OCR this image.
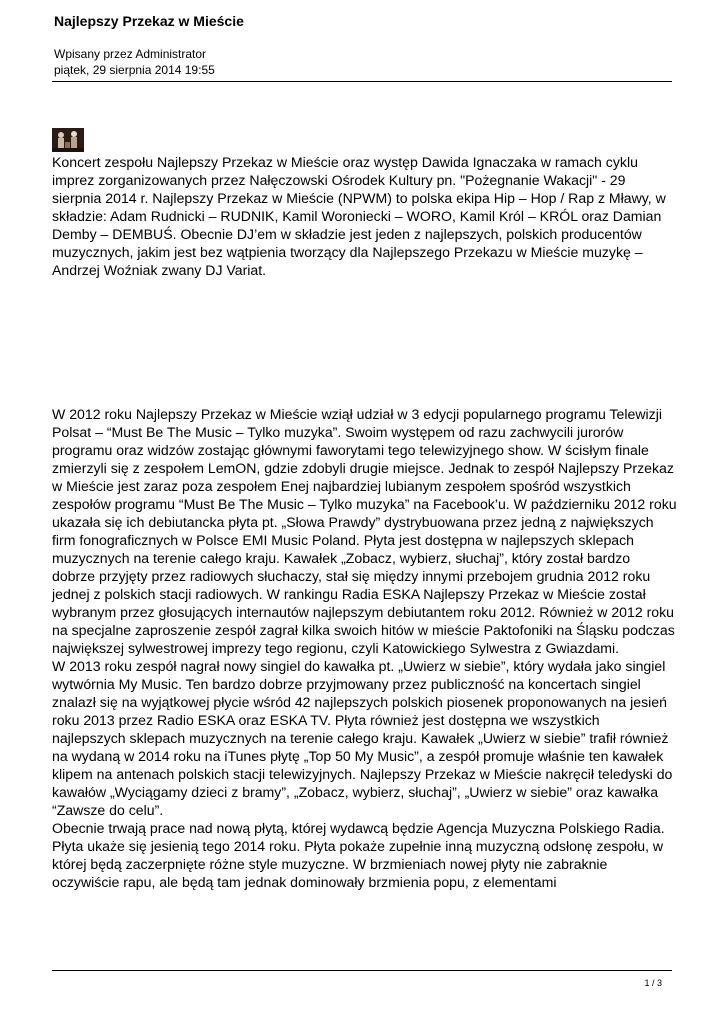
Najlepszy Przekaz w Mieście
Wpisany przez Administrator
piątek, 29 sierpnia 2014 19:55

Koncert zespołu Najlepszy Przekaz w Mieście oraz występ Dawida Ignaczaka w ramach cyklu imprez zorganizowanych przez Nałęczowski Ośrodek Kultury pn. "Pożegnanie Wakacji" - 29 sierpnia 2014 r. Najlepszy Przekaz w Mieście (NPWM) to polska ekipa Hip – Hop / Rap z Mławy, w składzie: Adam Rudnicki – RUDNIK, Kamil Woroniecki – WORO, Kamil Król – KRÓL oraz Damian Demby – DEMBUŚ. Obecnie DJ’em w składzie jest jeden z najlepszych, polskich producentów muzycznych, jakim jest bez wątpienia tworzący dla Najlepszego Przekazu w Mieście muzykę – Andrzej Woźniak zwany DJ Variat.

W 2012 roku Najlepszy Przekaz w Mieście wziął udział w 3 edycji popularnego programu Telewizji Polsat – “Must Be The Music – Tylko muzyka”. Swoim występem od razu zachwycili jurorów programu oraz widzów zostając głównymi faworytami tego telewizyjnego show. W ścisłym finale zmierzyli się z zespołem LemON, gdzie zdobyli drugie miejsce. Jednak to zespół Najlepszy Przekaz w Mieście jest zaraz poza zespołem Enej najbardziej lubianym zespołem spośród wszystkich zespołów programu “Must Be The Music – Tylko muzyka” na Facebook’u. W październiku 2012 roku ukazała się ich debiutancka płyta pt. „Słowa Prawdy” dystrybuowana przez jedną z największych firm fonograficznych w Polsce EMI Music Poland. Płyta jest dostępna w najlepszych sklepach muzycznych na terenie całego kraju. Kawałek „Zobacz, wybierz, słuchaj”, który został bardzo dobrze przyjęty przez radiowych słuchaczy, stał się między innymi przebojem grudnia 2012 roku jednej z polskich stacji radiowych. W rankingu Radia ESKA Najlepszy Przekaz w Mieście został wybranym przez głosujących internautów najlepszym debiutantem roku 2012. Również w 2012 roku na specjalne zaproszenie zespół zagrał kilka swoich hitów w mieście Paktofoniki na Śląsku podczas największej sylwestrowej imprezy tego regionu, czyli Katowickiego Sylwestra z Gwiazdami.

W 2013 roku zespół nagrał nowy singiel do kawałka pt. „Uwierz w siebie”, który wydała jako singiel wytwórnia My Music. Ten bardzo dobrze przyjmowany przez publiczność na koncertach singiel znalazł się na wyjątkowej płycie wśród 42 najlepszych polskich piosenek proponowanych na jesień roku 2013 przez Radio ESKA oraz ESKA TV. Płyta również jest dostępna we wszystkich najlepszych sklepach muzycznych na terenie całego kraju. Kawałek „Uwierz w siebie” trafił również na wydaną w 2014 roku na iTunes płytę „Top 50 My Music”, a zespół promuje właśnie ten kawałek klipem na antenach polskich stacji telewizyjnych. Najlepszy Przekaz w Mieście nakręcił teledyski do kawałów „Wyciągamy dzieci z bramy”, „Zobacz, wybierz, słuchaj”, „Uwierz w siebie” oraz kawałka “Zawsze do celu”.

Obecnie trwają prace nad nową płytą, której wydawcą będzie Agencja Muzyczna Polskiego Radia. Płyta ukaże się jesienią tego 2014 roku. Płyta pokaże zupełnie inną muzyczną odsłonę zespołu, w której będą zaczerpnięte różne style muzyczne. W brzmieniach nowej płyty nie zabraknie oczywiście rapu, ale będą tam jednak dominowały brzmienia popu, z elementami

1 / 3
